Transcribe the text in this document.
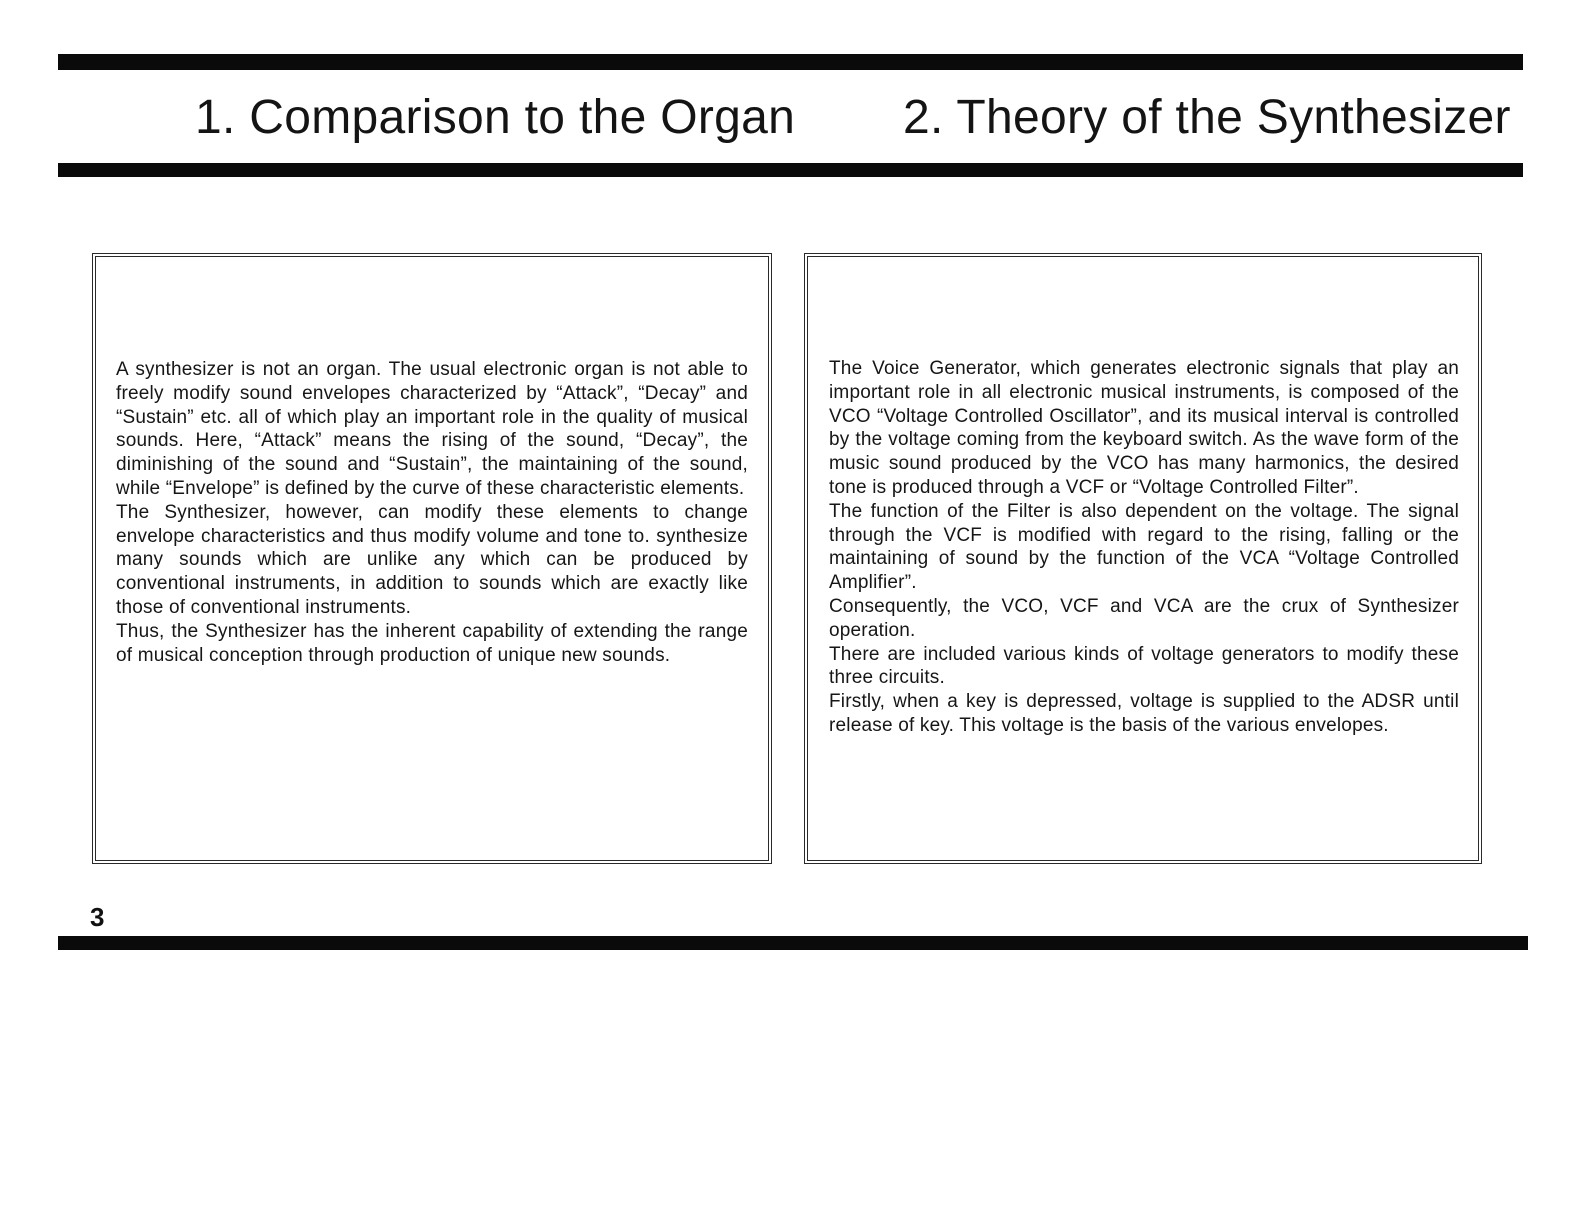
1. Comparison to the Organ 2. Theory of the Synthesizer

A synthesizer is not an organ. The usual electronic organ is not able to freely modify sound envelopes characterized by “Attack”, “Decay” and “Sustain” etc. all of which play an important role in the quality of musical sounds. Here, “Attack” means the rising of the sound, “Decay”, the diminishing of the sound and “Sustain”, the maintaining of the sound, while “Envelope” is defined by the curve of these characteristic elements.

The Synthesizer, however, can modify these elements to change envelope characteristics and thus modify volume and tone to. synthesize many sounds which are unlike any which can be produced by conventional instruments, in addition to sounds which are exactly like those of conventional instruments.

Thus, the Synthesizer has the inherent capability of extending the range of musical conception through production of unique new sounds.

The Voice Generator, which generates electronic signals that play an important role in all electronic musical instruments, is composed of the VCO “Voltage Controlled Oscillator”, and its musical interval is controlled by the voltage coming from the keyboard switch. As the wave form of the music sound produced by the VCO has many harmonics, the desired tone is produced through a VCF or “Voltage Controlled Filter”.

The function of the Filter is also dependent on the voltage. The signal through the VCF is modified with regard to the rising, falling or the maintaining of sound by the function of the VCA “Voltage Controlled Amplifier”.

Consequently, the VCO, VCF and VCA are the crux of Synthesizer operation.

There are included various kinds of voltage generators to modify these three circuits.

Firstly, when a key is depressed, voltage is supplied to the ADSR until release of key. This voltage is the basis of the various envelopes.

3
